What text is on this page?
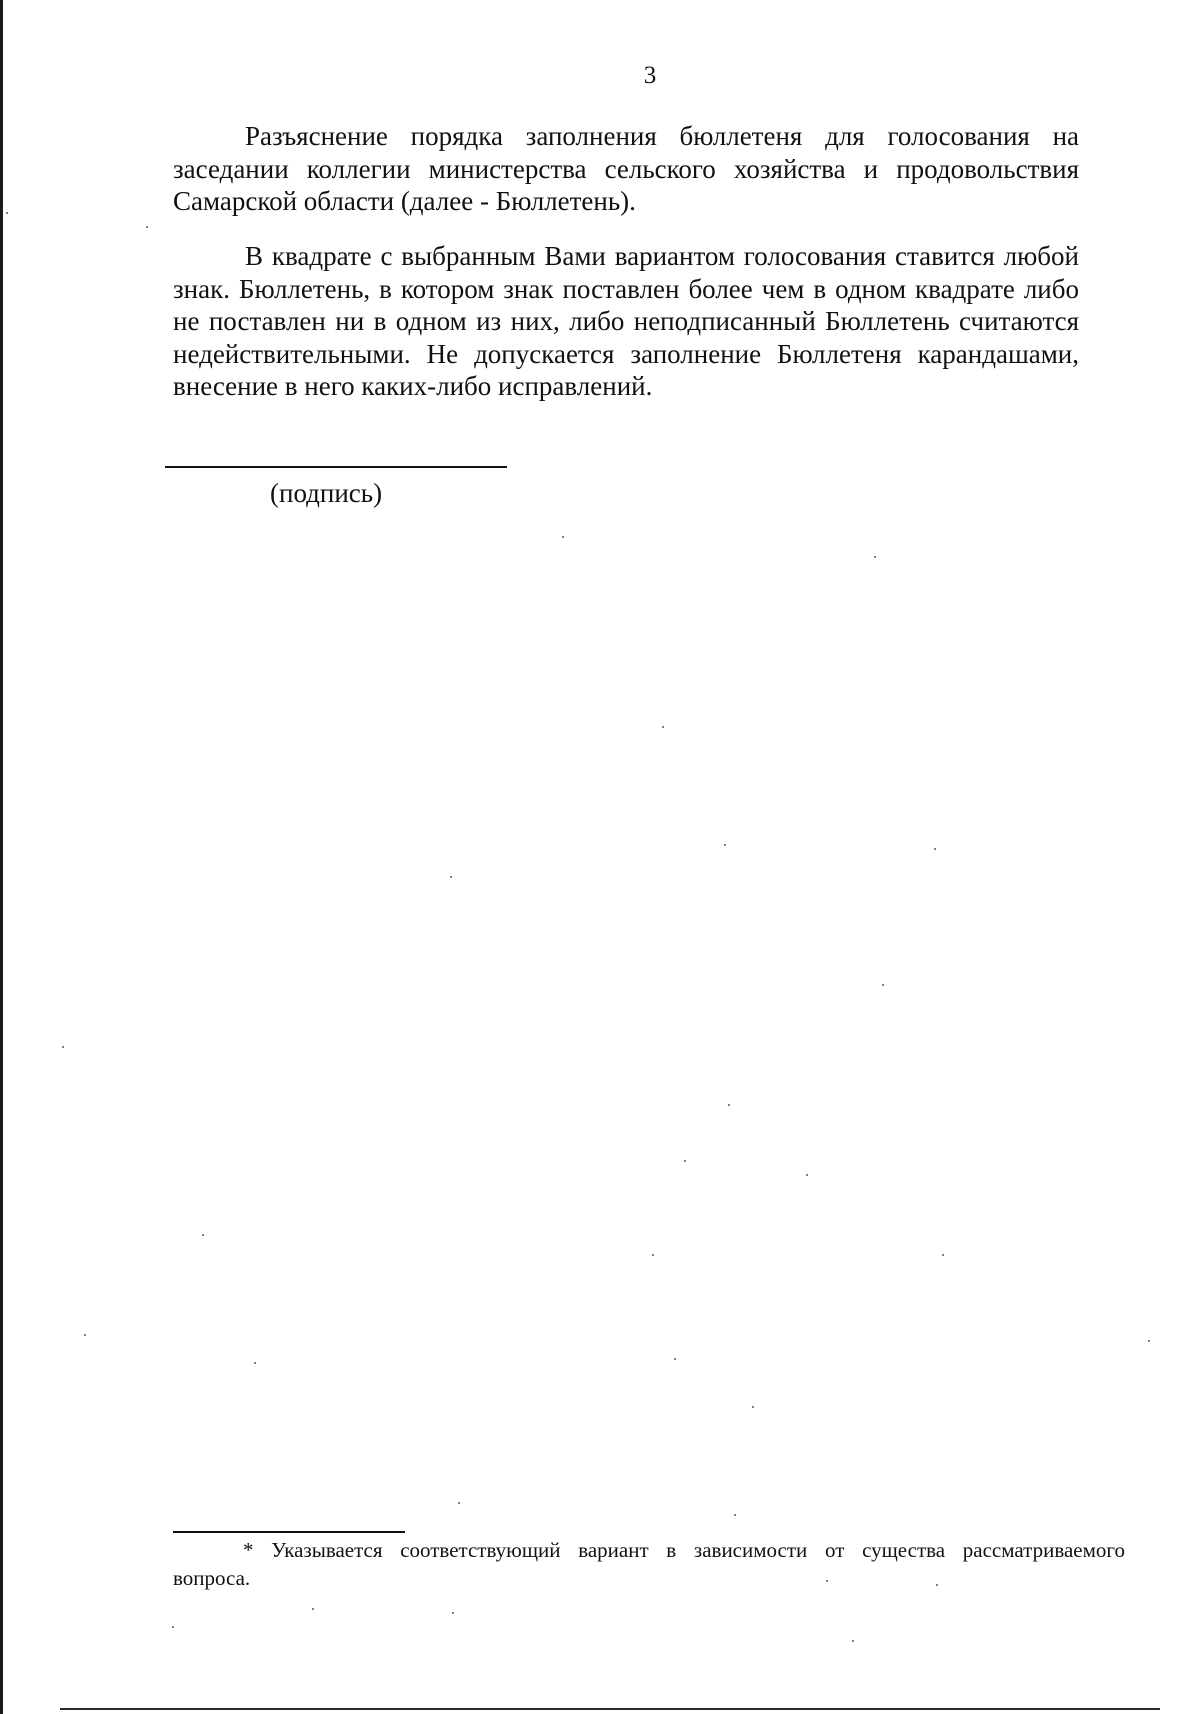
3

Разъяснение порядка заполнения бюллетеня для голосования на заседании коллегии министерства сельского хозяйства и продовольствия Самарской области (далее - Бюллетень).

В квадрате с выбранным Вами вариантом голосования ставится любой знак. Бюллетень, в котором знак поставлен более чем в одном квадрате либо не поставлен ни в одном из них, либо неподписанный Бюллетень считаются недействительными. Не допускается заполнение Бюллетеня карандашами, внесение в него каких-либо исправлений.

(подпись)

* Указывается соответствующий вариант в зависимости от существа рассматриваемого вопроса.
